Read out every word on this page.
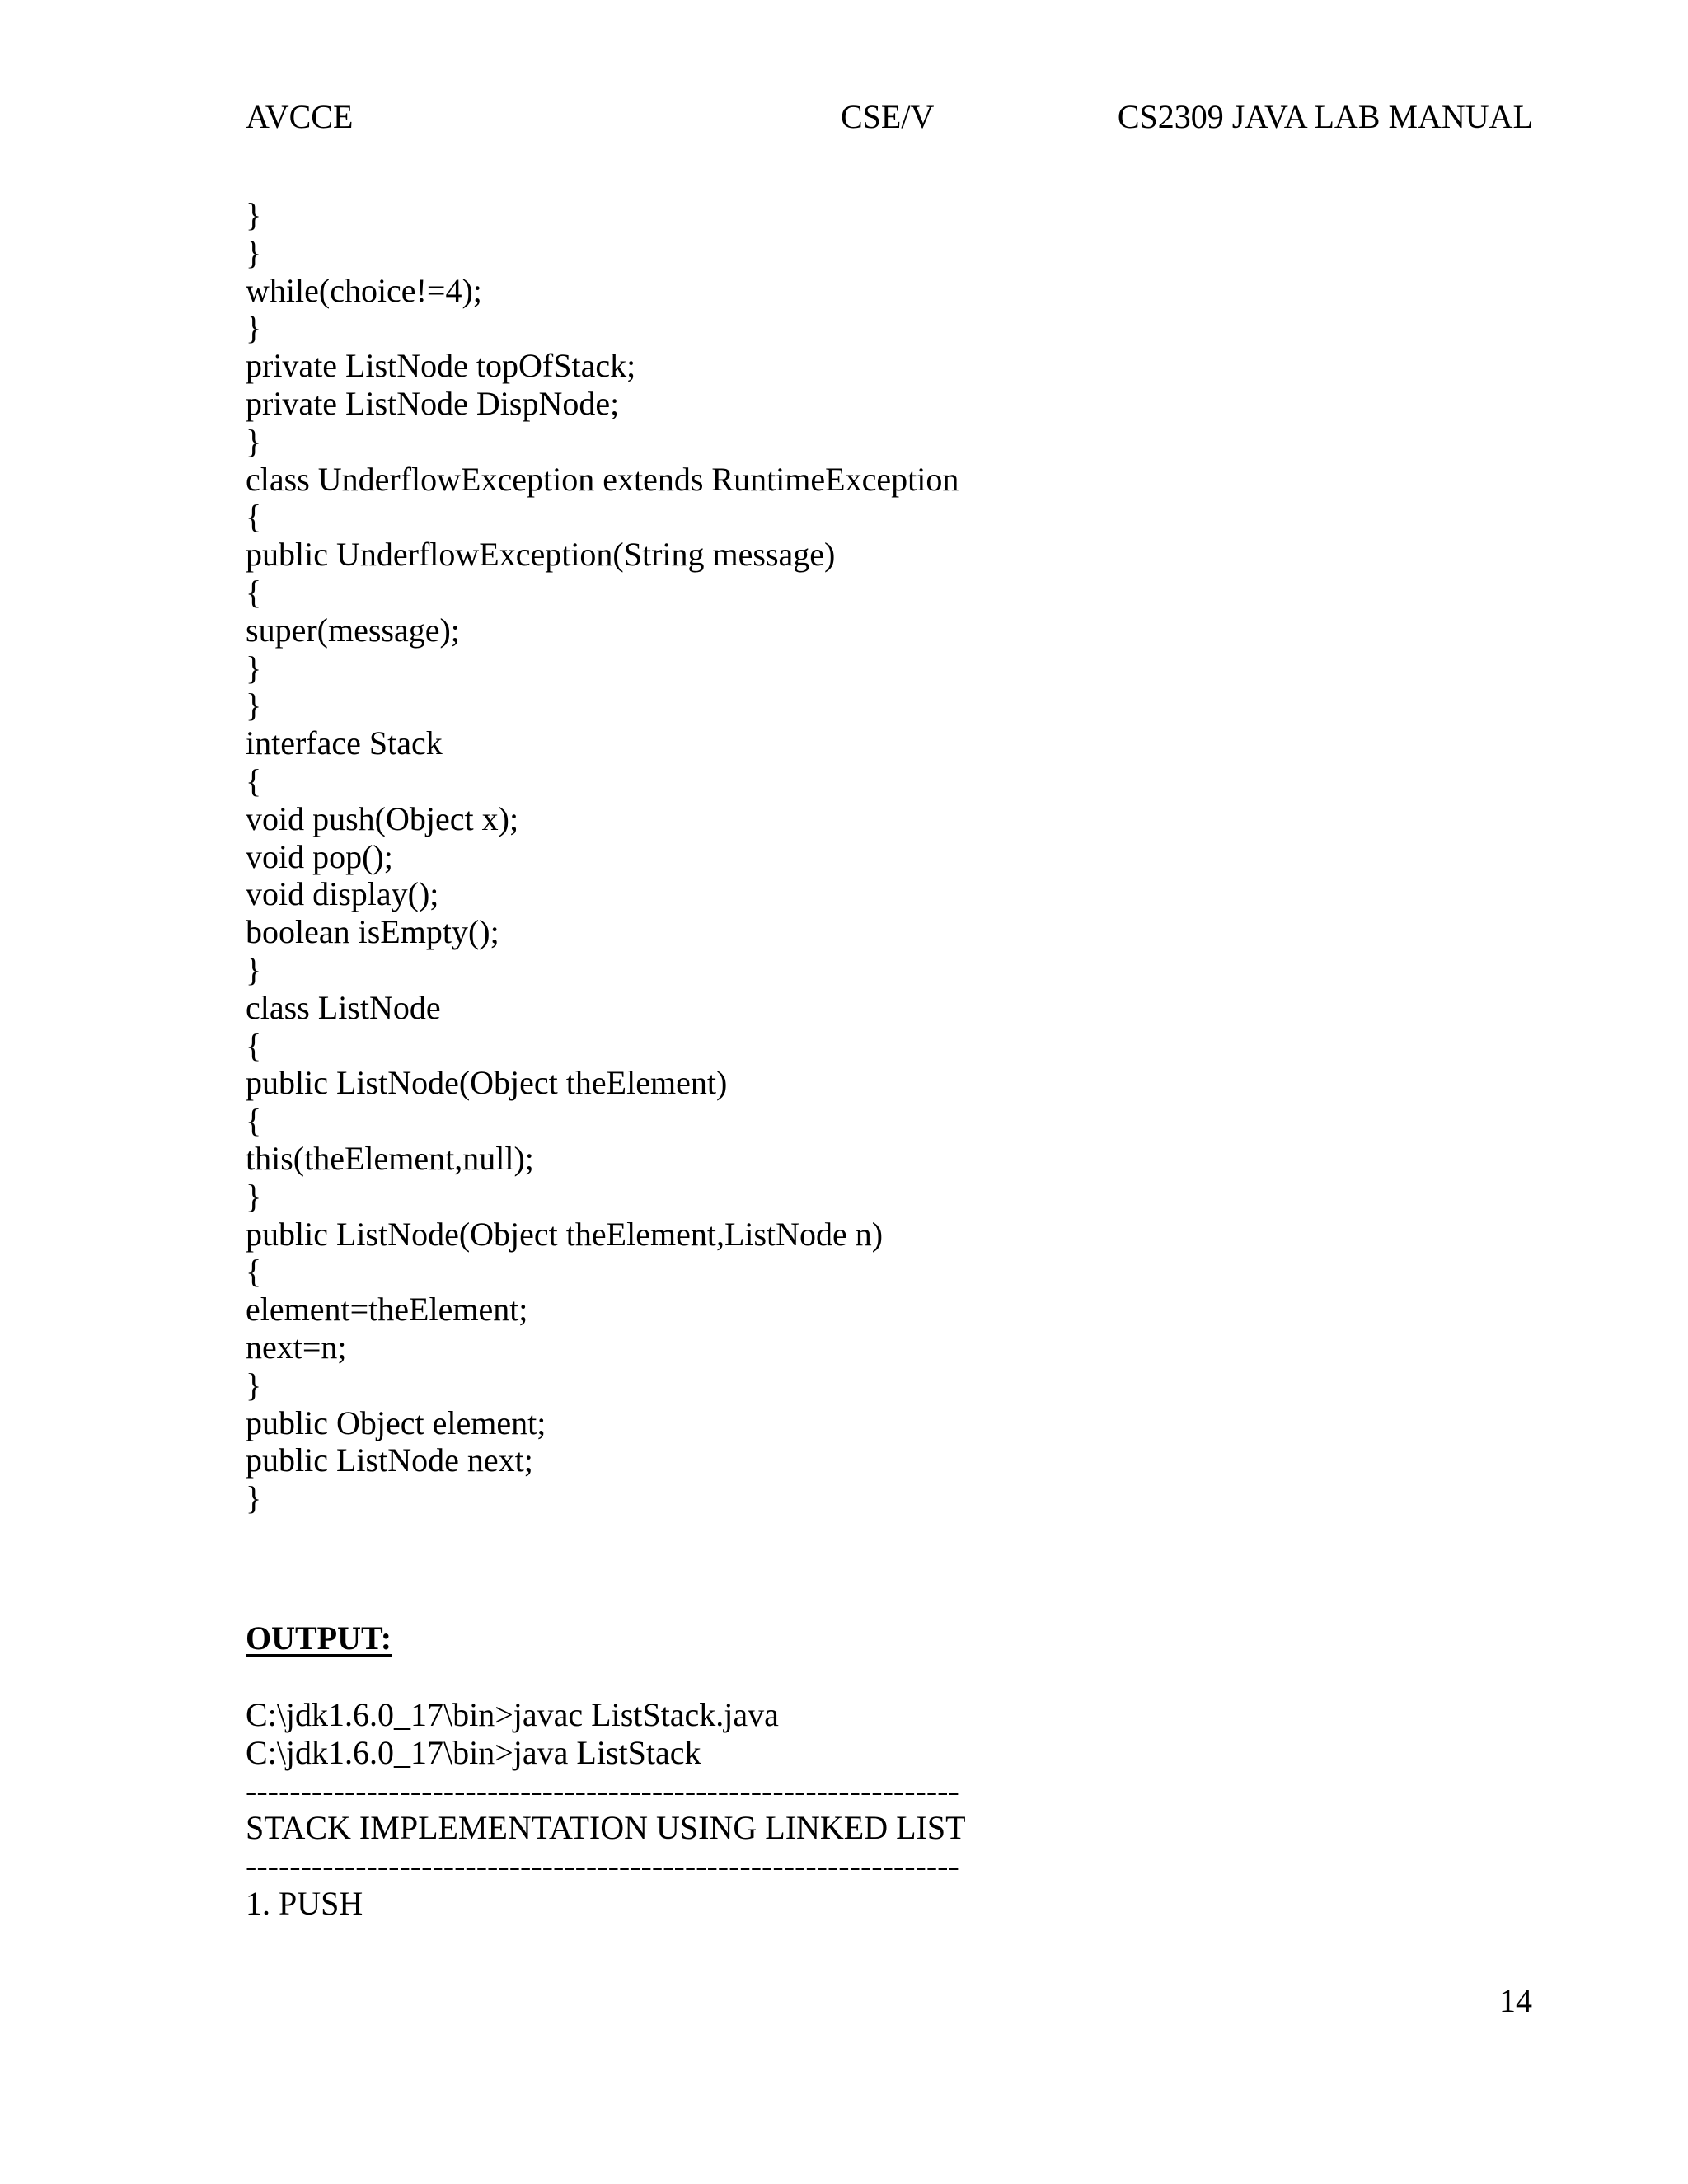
AVCCE	CSE/V	CS2309 JAVA LAB MANUAL
}
}
while(choice!=4);
}
private ListNode topOfStack;
private ListNode DispNode;
}
class UnderflowException extends RuntimeException
{
public UnderflowException(String message)
{
super(message);
}
}
interface Stack
{
void push(Object x);
void pop();
void display();
boolean isEmpty();
}
class ListNode
{
public ListNode(Object theElement)
{
this(theElement,null);
}
public ListNode(Object theElement,ListNode n)
{
element=theElement;
next=n;
}
public Object element;
public ListNode next;
}
OUTPUT:
C:\jdk1.6.0_17\bin>javac ListStack.java
C:\jdk1.6.0_17\bin>java ListStack
-----------------------------------------------------------------
STACK IMPLEMENTATION USING LINKED LIST
-----------------------------------------------------------------
1. PUSH
14
